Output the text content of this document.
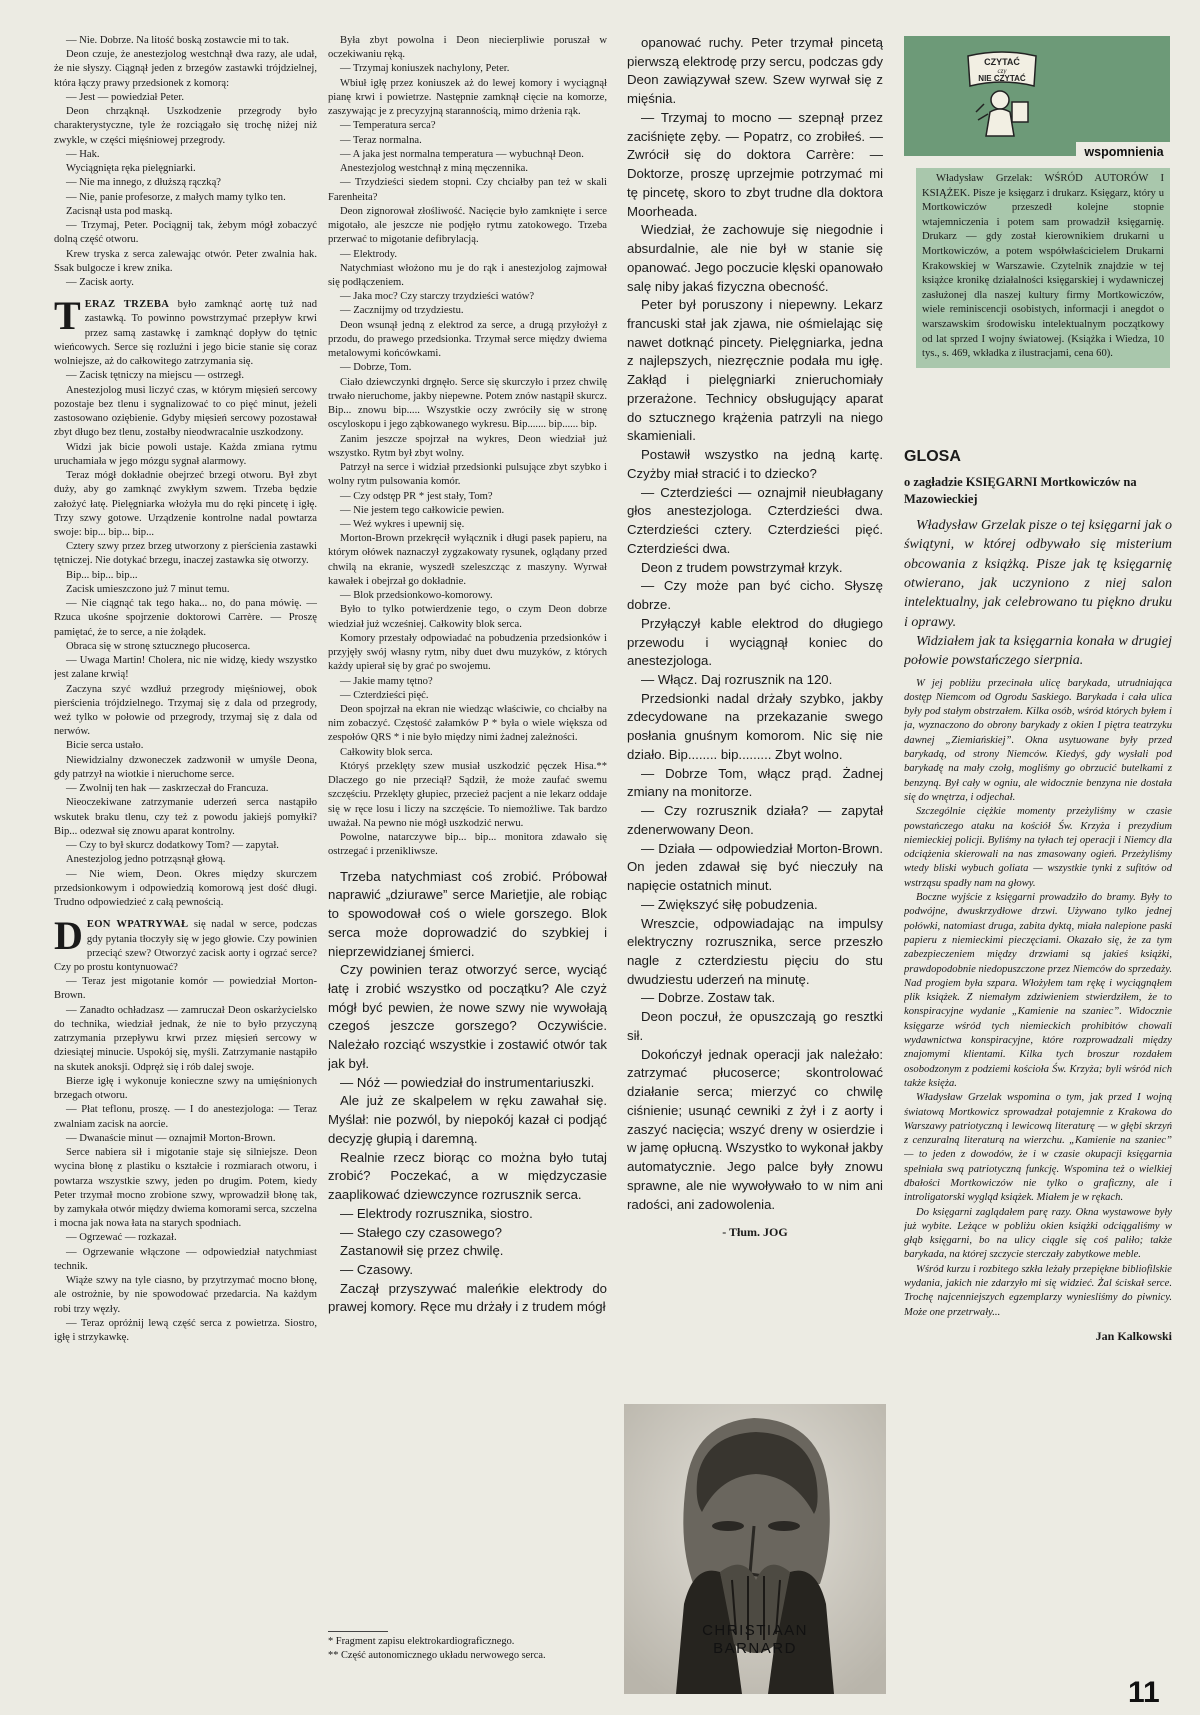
— Nie. Dobrze. Na litość boską zostawcie mi to tak.

Deon czuje, że anestezjolog westchnął dwa razy, ale udał, że nie słyszy. Ciągnął jeden z brzegów zastawki trójdzielnej, która łączy prawy przedsionek z komorą:

— Jest — powiedział Peter.

Deon chrząknął. Uszkodzenie przegrody było charakterystyczne, tyle że rozciągało się trochę niżej niż zwykle, w części mięśniowej przegrody.

— Hak.

Wyciągnięta ręka pielęgniarki.

— Nie ma innego, z dłuższą rączką?

— Nie, panie profesorze, z małych mamy tylko ten.

Zacisnął usta pod maską.

— Trzymaj, Peter. Pociągnij tak, żebym mógł zobaczyć dolną część otworu.

Krew tryska z serca zalewając otwór. Peter zwalnia hak. Ssak bulgocze i krew znika.

— Zacisk aorty.

TERAZ TRZEBA było zamknąć aortę tuż nad zastawką. To powinno powstrzymać przepływ krwi przez samą zastawkę i zamknąć dopływ do tętnic wieńcowych. Serce się rozluźni i jego bicie stanie się coraz wolniejsze, aż do całkowitego zatrzymania się.

— Zacisk tętniczy na miejscu — ostrzegł.

Anestezjolog musi liczyć czas, w którym mięsień sercowy pozostaje bez tlenu i sygnalizować to co pięć minut, jeżeli zastosowano oziębienie. Gdyby mięsień sercowy pozostawał zbyt długo bez tlenu, zostałby nieodwracalnie uszkodzony.

Widzi jak bicie powoli ustaje. Każda zmiana rytmu uruchamiała w jego mózgu sygnał alarmowy.

Teraz mógł dokładnie obejrzeć brzegi otworu. Był zbyt duży, aby go zamknąć zwykłym szwem. Trzeba będzie założyć łatę. Pielęgniarka włożyła mu do ręki pincetę i igłę. Trzy szwy gotowe. Urządzenie kontrolne nadal powtarza swoje: bip... bip... bip...

Cztery szwy przez brzeg utworzony z pierścienia zastawki tętniczej. Nie dotykać brzegu, inaczej zastawka się otworzy.

Bip... bip... bip...

Zacisk umieszczono już 7 minut temu.

— Nie ciągnąć tak tego haka... no, do pana mówię. — Rzuca ukośne spojrzenie doktorowi Carrère. — Proszę pamiętać, że to serce, a nie żołądek.

Obraca się w stronę sztucznego płucoserca.

— Uwaga Martin! Cholera, nic nie widzę, kiedy wszystko jest zalane krwią!

Zaczyna szyć wzdłuż przegrody mięśniowej, obok pierścienia trójdzielnego. Trzymaj się z dala od przegrody, weź tylko w połowie od przegrody, trzymaj się z dala od nerwów.

Bicie serca ustało.

Niewidzialny dzwoneczek zadzwonił w umyśle Deona, gdy patrzył na wiotkie i nieruchome serce.

— Zwolnij ten hak — zaskrzeczał do Francuza.

Nieoczekiwane zatrzymanie uderzeń serca nastąpiło wskutek braku tlenu, czy też z powodu jakiejś pomyłki? Bip... odezwał się znowu aparat kontrolny.

— Czy to był skurcz dodatkowy Tom? — zapytał.

Anestezjolog jedno potrząsnął głową.

— Nie wiem, Deon. Okres między skurczem przedsionkowym i odpowiedzią komorową jest dość długi. Trudno odpowiedzieć z całą pewnością.

DEON WPATRYWAŁ się nadal w serce, podczas gdy pytania tłoczyły się w jego głowie. Czy powinien przeciąć szew? Otworzyć zacisk aorty i ogrzać serce? Czy po prostu kontynuować?

— Teraz jest migotanie komór — powiedział Morton-Brown.

— Zanadto ochładzasz — zamruczał Deon oskarżycielsko do technika, wiedział jednak, że nie to było przyczyną zatrzymania przepływu krwi przez mięsień sercowy w dziesiątej minucie. Uspokój się, myśli. Zatrzymanie nastąpiło na skutek anoksji. Odpręż się i rób dalej swoje.

Bierze igłę i wykonuje konieczne szwy na umięśnionych brzegach otworu.

— Płat teflonu, proszę. — I do anestezjologa: — Teraz zwalniam zacisk na aorcie.

— Dwanaście minut — oznajmił Morton-Brown.

Serce nabiera sił i migotanie staje się silniejsze. Deon wycina błonę z plastiku o kształcie i rozmiarach otworu, i powtarza wszystkie szwy, jeden po drugim. Potem, kiedy Peter trzymał mocno zrobione szwy, wprowadził błonę tak, by zamykała otwór między dwiema komorami serca, szczelna i mocna jak nowa łata na starych spodniach.

— Ogrzewać — rozkazał.

— Ogrzewanie włączone — odpowiedział natychmiast technik.

Wiąże szwy na tyle ciasno, by przytrzymać mocno błonę, ale ostrożnie, by nie spowodować przedarcia. Na każdym robi trzy węzły.

— Teraz opróżnij lewą część serca z powietrza. Siostro, igłę i strzykawkę.

Była zbyt powolna i Deon niecierpliwie poruszał w oczekiwaniu ręką.

— Trzymaj koniuszek nachylony, Peter.

Wbiuł igłę przez koniuszek aż do lewej komory i wyciągnął pianę krwi i powietrze. Następnie zamknął cięcie na komorze, zaszywając je z precyzyjną starannością, mimo drżenia rąk.

— Temperatura serca?

— Teraz normalna.

— A jaka jest normalna temperatura — wybuchnął Deon.

Anestezjolog westchnął z miną męczennika.

— Trzydzieści siedem stopni. Czy chciałby pan też w skali Farenheita?

Deon zignorował złośliwość. Nacięcie było zamknięte i serce migotało, ale jeszcze nie podjęło rytmu zatokowego. Trzeba przerwać to migotanie defibrylacją.

— Elektrody.

Natychmiast włożono mu je do rąk i anestezjolog zajmował się podłączeniem.

— Jaka moc? Czy starczy trzydzieści watów?

— Zacznijmy od trzydziestu.

Deon wsunął jedną z elektrod za serce, a drugą przyłożył z przodu, do prawego przedsionka. Trzymał serce między dwiema metalowymi końcówkami.

— Dobrze, Tom.

Ciało dziewczynki drgnęło. Serce się skurczyło i przez chwilę trwało nieruchome, jakby niepewne. Potem znów nastąpił skurcz. Bip... znowu bip..... Wszystkie oczy zwróciły się w stronę oscyloskopu i jego ząbkowanego wykresu. Bip....... bip...... bip.

Zanim jeszcze spojrzał na wykres, Deon wiedział już wszystko. Rytm był zbyt wolny.

Patrzył na serce i widział przedsionki pulsujące zbyt szybko i wolny rytm pulsowania komór.

— Czy odstęp PR * jest stały, Tom?

— Nie jestem tego całkowicie pewien.

— Weź wykres i upewnij się.

Morton-Brown przekręcił wyłącznik i długi pasek papieru, na którym ołówek naznaczył zygzakowaty rysunek, oglądany przed chwilą na ekranie, wyszedł szeleszcząc z maszyny. Wyrwał kawałek i obejrzał go dokładnie.

— Blok przedsionkowo-komorowy.

Było to tylko potwierdzenie tego, o czym Deon dobrze wiedział już wcześniej. Całkowity blok serca.

Komory przestały odpowiadać na pobudzenia przedsionków i przyjęły swój własny rytm, niby duet dwu muzyków, z których każdy upierał się by grać po swojemu.

— Jakie mamy tętno?

— Czterdzieści pięć.

Deon spojrzał na ekran nie wiedząc właściwie, co chciałby na nim zobaczyć. Częstość załamków P * była o wiele większa od zespołów QRS * i nie było między nimi żadnej zależności.

Całkowity blok serca.

Któryś przeklęty szew musiał uszkodzić pęczek Hisa.** Dlaczego go nie przeciął? Sądził, że może zaufać swemu szczęściu. Przeklęty głupiec, przecież pacjent a nie lekarz oddaje się w ręce losu i liczy na szczęście. To niemożliwe. Tak bardzo uważał. Na pewno nie mógł uszkodzić nerwu.

Powolne, natarczywe bip... bip... monitora zdawało się ostrzegać i przenikliwsze.

Trzeba natychmiast coś zrobić. Próbował naprawić „dziurawe” serce Marietjie, ale robiąc to spowodował coś o wiele gorszego. Blok serca może doprowadzić do szybkiej i nieprzewidzianej śmierci.

Czy powinien teraz otworzyć serce, wyciąć łatę i zrobić wszystko od początku? Ale czyż mógł być pewien, że nowe szwy nie wywołają czegoś jeszcze gorszego? Oczywiście. Należało rozciąć wszystkie i zostawić otwór tak jak był.

— Nóż — powiedział do instrumentariuszki.

Ale już ze skalpelem w ręku zawahał się. Myślał: nie pozwól, by niepokój kazał ci podjąć decyzję głupią i daremną.

Realnie rzecz biorąc co można było tutaj zrobić? Poczekać, a w międzyczasie zaaplikować dziewczynce rozrusznik serca.

— Elektrody rozrusznika, siostro.

— Stałego czy czasowego?

Zastanowił się przez chwilę.

— Czasowy.

Zaczął przyszywać maleńkie elektrody do prawej komory. Ręce mu drżały i z trudem mógł

* Fragment zapisu elektrokardiograficznego.

** Część autonomicznego układu nerwowego serca.

opanować ruchy. Peter trzymał pincetą pierwszą elektrodę przy sercu, podczas gdy Deon zawiązywał szew. Szew wyrwał się z mięśnia.

— Trzymaj to mocno — szepnął przez zaciśnięte zęby. — Popatrz, co zrobiłeś. — Zwrócił się do doktora Carrère: — Doktorze, proszę uprzejmie potrzymać mi tę pincetę, skoro to zbyt trudne dla doktora Moorheada.

Wiedział, że zachowuje się niegodnie i absurdalnie, ale nie był w stanie się opanować. Jego poczucie klęski opanowało salę niby jakaś fizyczna obecność.

Peter był poruszony i niepewny. Lekarz francuski stał jak zjawa, nie ośmielając się nawet dotknąć pincety. Pielęgniarka, jedna z najlepszych, niezręcznie podała mu igłę. Zakłąd i pielęgniarki znieruchomiały przerażone. Technicy obsługujący aparat do sztucznego krążenia patrzyli na niego skamieniali.

Postawił wszystko na jedną kartę. Czyżby miał stracić i to dziecko?

— Czterdzieści — oznajmił nieubłagany głos anestezjologa. Czterdzieści dwa. Czterdzieści cztery. Czterdzieści pięć. Czterdzieści dwa.

Deon z trudem powstrzymał krzyk.

— Czy może pan być cicho. Słyszę dobrze.

Przyłączył kable elektrod do długiego przewodu i wyciągnął koniec do anestezjologa.

— Włącz. Daj rozrusznik na 120.

Przedsionki nadal drżały szybko, jakby zdecydowane na przekazanie swego posłania gnuśnym komorom. Nic się nie działo. Bip........ bip......... Zbyt wolno.

— Dobrze Tom, włącz prąd. Żadnej zmiany na monitorze.

— Czy rozrusznik działa? — zapytał zdenerwowany Deon.

— Działa — odpowiedział Morton-Brown. On jeden zdawał się być nieczuły na napięcie ostatnich minut.

— Zwiększyć siłę pobudzenia.

Wreszcie, odpowiadając na impulsy elektryczny rozrusznika, serce przeszło nagle z czterdziestu pięciu do stu dwudziestu uderzeń na minutę.

— Dobrze. Zostaw tak.

Deon poczuł, że opuszczają go resztki sił.

Dokończył jednak operacji jak należało: zatrzymać płucoserce; skontrolować działanie serca; mierzyć co chwilę ciśnienie; usunąć cewniki z żył i z aorty i zaszyć nacięcia; wszyć dreny w osierdzie i w jamę opłucną. Wszystko to wykonał jakby automatycznie. Jego palce były znowu sprawne, ale nie wywoływało to w nim ani radości, ani zadowolenia.

- Tłum. JOG

CHRISTIAAN
BARNARD
CZYTAĆ
czy
NIE CZYTAĆ
wspomnienia

Władysław Grzelak: WŚRÓD AUTORÓW I KSIĄŻEK. Pisze je księgarz i drukarz. Księgarz, który u Mortkowiczów przeszedł kolejne stopnie wtajemniczenia i potem sam prowadził księgarnię. Drukarz — gdy został kierownikiem drukarni u Mortkowiczów, a potem współwłaścicielem Drukarni Krakowskiej w Warszawie. Czytelnik znajdzie w tej książce kronikę działalności księgarskiej i wydawniczej zasłużonej dla naszej kultury firmy Mortkowiczów, wiele reminiscencji osobistych, informacji i anegdot o warszawskim środowisku intelektualnym początkowy od lat sprzed I wojny światowej. (Książka i Wiedza, 10 tys., s. 469, wkładka z ilustracjami, cena 60).

GLOSA
o zagładzie KSIĘGARNI Mortkowiczów na Mazowieckiej

Władysław Grzelak pisze o tej księgarni jak o świątyni, w której odbywało się misterium obcowania z książką. Pisze jak tę księgarnię otwierano, jak uczyniono z niej salon intelektualny, jak celebrowano tu piękno druku i oprawy.

Widziałem jak ta księgarnia konała w drugiej połowie powstańczego sierpnia.

W jej pobliżu przecinała ulicę barykada, utrudniająca dostęp Niemcom od Ogrodu Saskiego. Barykada i cała ulica były pod stałym obstrzałem. Kilka osób, wśród których byłem i ja, wyznaczono do obrony barykady z okien I piętra teatrzyku dawnej „Ziemiańskiej”. Okna usytuowane były przed barykadą, od strony Niemców. Kiedyś, gdy wysłali pod barykadę na mały czołg, mogliśmy go obrzucić butelkami z benzyną. Był cały w ogniu, ale widocznie benzyna nie dostała się do wnętrza, i odjechał.

Szczególnie ciężkie momenty przeżyliśmy w czasie powstańczego ataku na kościół Św. Krzyża i prezydium niemieckiej policji. Byliśmy na tyłach tej operacji i Niemcy dla odciążenia skierowali na nas zmasowany ogień. Przeżyliśmy wtedy bliski wybuch goliata — wszystkie tynki z sufitów od wstrząsu spadły nam na głowy.

Boczne wyjście z księgarni prowadziło do bramy. Były to podwójne, dwuskrzydłowe drzwi. Używano tylko jednej połówki, natomiast druga, zabita dyktą, miała nalepione paski papieru z niemieckimi pieczęciami. Okazało się, że za tym zabezpieczeniem między drzwiami są jakieś książki, prawdopodobnie niedopuszczone przez Niemców do sprzedaży. Nad progiem była szpara. Włożyłem tam rękę i wyciągnąłem plik książek. Z niemałym zdziwieniem stwierdziłem, że to konspiracyjne wydanie „Kamienie na szaniec”. Widocznie księgarze wśród tych niemieckich prohibitów chowali wydawnictwa konspiracyjne, które rozprowadzali między znajomymi klientami. Kilka tych broszur rozdałem osobodzonym z podziemi kościoła Św. Krzyża; byli wśród nich także księża.

Władysław Grzelak wspomina o tym, jak przed I wojną światową Mortkowicz sprowadzał potajemnie z Krakowa do Warszawy patriotyczną i lewicową literaturę — w głębi skrzyń z cenzuralną literaturą na wierzchu. „Kamienie na szaniec” — to jeden z dowodów, że i w czasie okupacji księgarnia spełniała swą patriotyczną funkcję. Wspomina też o wielkiej dbałości Mortkowiczów nie tylko o graficzny, ale i introligatorski wygląd książek. Miałem je w rękach.

Do księgarni zaglądałem parę razy. Okna wystawowe były już wybite. Leżące w pobliżu okien książki odciągaliśmy w głąb księgarni, bo na ulicy ciągle się coś paliło; także barykada, na której szczycie sterczały zabytkowe meble.

Wśród kurzu i rozbitego szkła leżały przepiękne bibliofilskie wydania, jakich nie zdarzyło mi się widzieć. Żal ściskał serce. Trochę najcenniejszych egzemplarzy wyniesliśmy do piwnicy. Może one przetrwały...

Jan Kalkowski
11
